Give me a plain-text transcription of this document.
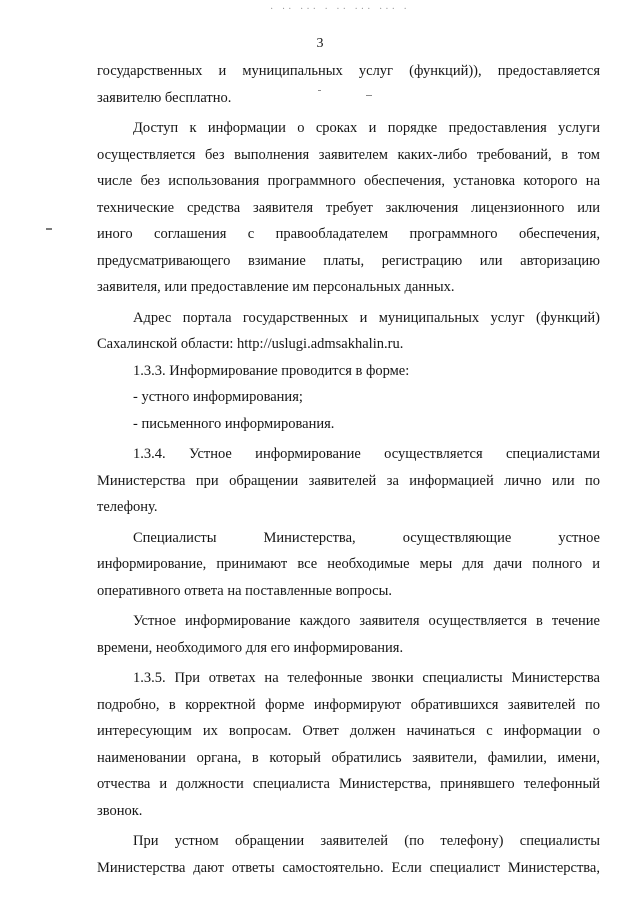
· ·· ··· · ·· ··· ··· ·
3
государственных и муниципальных услуг (функций)), предоставляется
заявителю бесплатно.
Доступ к информации о сроках и порядке предоставления услуги
осуществляется без выполнения заявителем каких-либо требований, в том
числе без использования программного обеспечения, установка которого на
технические средства заявителя требует заключения лицензионного или
иного соглашения с правообладателем программного обеспечения,
предусматривающего взимание платы, регистрацию или авторизацию
заявителя, или предоставление им персональных данных.
Адрес портала государственных и муниципальных услуг (функций)
Сахалинской области: http://uslugi.admsakhalin.ru.
1.3.3. Информирование проводится в форме:
- устного информирования;
- письменного информирования.
1.3.4. Устное информирование осуществляется специалистами
Министерства при обращении заявителей за информацией лично или по
телефону.
Специалисты Министерства, осуществляющие устное
информирование, принимают все необходимые меры для дачи полного и
оперативного ответа на поставленные вопросы.
Устное информирование каждого заявителя осуществляется в течение
времени, необходимого для его информирования.
1.3.5. При ответах на телефонные звонки специалисты Министерства
подробно, в корректной форме информируют обратившихся заявителей по
интересующим их вопросам. Ответ должен начинаться с информации о
наименовании органа, в который обратились заявители, фамилии, имени,
отчества и должности специалиста Министерства, принявшего телефонный
звонок.
При устном обращении заявителей (по телефону) специалисты
Министерства дают ответы самостоятельно. Если специалист Министерства,
